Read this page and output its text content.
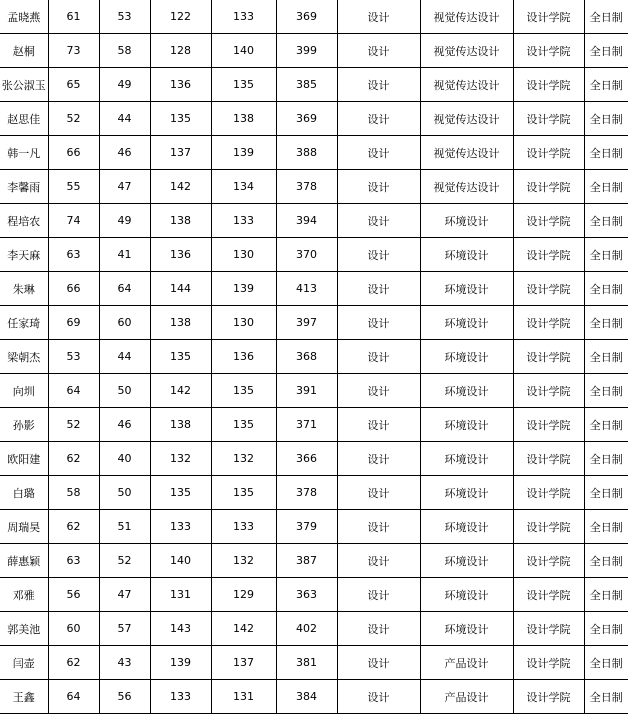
孟晓燕	61	53	122	133	369	设计	视觉传达设计	设计学院	全日制
赵桐	73	58	128	140	399	设计	视觉传达设计	设计学院	全日制
张公淑玉	65	49	136	135	385	设计	视觉传达设计	设计学院	全日制
赵思佳	52	44	135	138	369	设计	视觉传达设计	设计学院	全日制
韩一凡	66	46	137	139	388	设计	视觉传达设计	设计学院	全日制
李馨雨	55	47	142	134	378	设计	视觉传达设计	设计学院	全日制
程培农	74	49	138	133	394	设计	环境设计	设计学院	全日制
李天麻	63	41	136	130	370	设计	环境设计	设计学院	全日制
朱琳	66	64	144	139	413	设计	环境设计	设计学院	全日制
任家琦	69	60	138	130	397	设计	环境设计	设计学院	全日制
梁朝杰	53	44	135	136	368	设计	环境设计	设计学院	全日制
向圳	64	50	142	135	391	设计	环境设计	设计学院	全日制
孙影	52	46	138	135	371	设计	环境设计	设计学院	全日制
欧阳建	62	40	132	132	366	设计	环境设计	设计学院	全日制
白璐	58	50	135	135	378	设计	环境设计	设计学院	全日制
周瑞昊	62	51	133	133	379	设计	环境设计	设计学院	全日制
薛惠颖	63	52	140	132	387	设计	环境设计	设计学院	全日制
邓雅	56	47	131	129	363	设计	环境设计	设计学院	全日制
郭美池	60	57	143	142	402	设计	环境设计	设计学院	全日制
闫壶	62	43	139	137	381	设计	产品设计	设计学院	全日制
王鑫	64	56	133	131	384	设计	产品设计	设计学院	全日制
